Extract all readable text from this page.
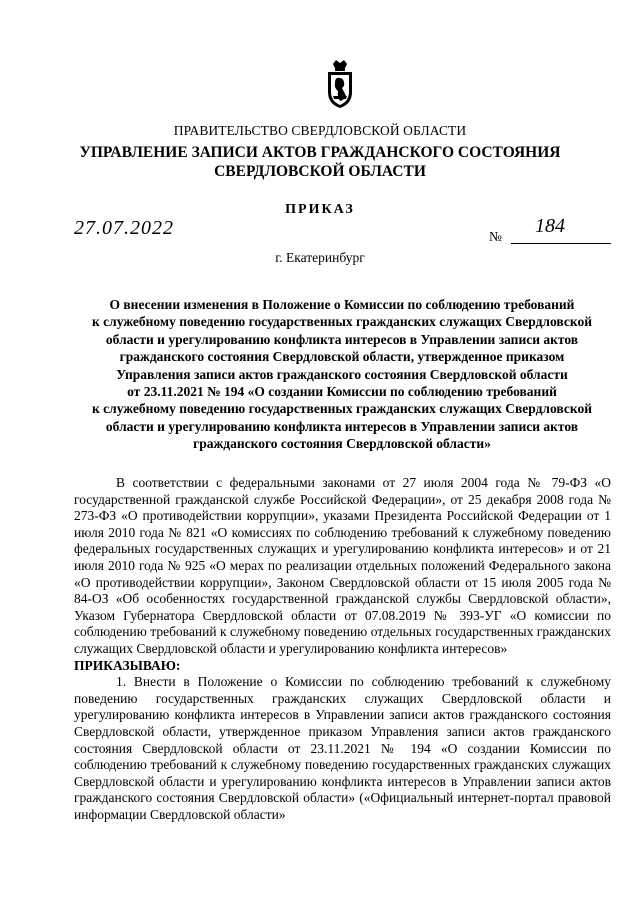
ПРАВИТЕЛЬСТВО СВЕРДЛОВСКОЙ ОБЛАСТИ
УПРАВЛЕНИЕ ЗАПИСИ АКТОВ ГРАЖДАНСКОГО СОСТОЯНИЯ
СВЕРДЛОВСКОЙ ОБЛАСТИ
ПРИКАЗ
27.07.2022	№ 184
г. Екатеринбург
О внесении изменения в Положение о Комиссии по соблюдению требований
к служебному поведению государственных гражданских служащих Свердловской
области и урегулированию конфликта интересов в Управлении записи актов
гражданского состояния Свердловской области, утвержденное приказом
Управления записи актов гражданского состояния Свердловской области
от 23.11.2021 № 194 «О создании Комиссии по соблюдению требований
к служебному поведению государственных гражданских служащих Свердловской
области и урегулированию конфликта интересов в Управлении записи актов
гражданского состояния Свердловской области»

В соответствии с федеральными законами от 27 июля 2004 года № 79-ФЗ «О государственной гражданской службе Российской Федерации», от 25 декабря 2008 года № 273-ФЗ «О противодействии коррупции», указами Президента Российской Федерации от 1 июля 2010 года № 821 «О комиссиях по соблюдению требований к служебному поведению федеральных государственных служащих и урегулированию конфликта интересов» и от 21 июля 2010 года № 925 «О мерах по реализации отдельных положений Федерального закона «О противодействии коррупции», Законом Свердловской области от 15 июля 2005 года № 84-ОЗ «Об особенностях государственной гражданской службы Свердловской области», Указом Губернатора Свердловской области от 07.08.2019 № 393-УГ «О комиссии по соблюдению требований к служебному поведению отдельных государственных гражданских служащих Свердловской области и урегулированию конфликта интересов»

ПРИКАЗЫВАЮ:

1. Внести в Положение о Комиссии по соблюдению требований к служебному поведению государственных гражданских служащих Свердловской области и урегулированию конфликта интересов в Управлении записи актов гражданского состояния Свердловской области, утвержденное приказом Управления записи актов гражданского состояния Свердловской области от 23.11.2021 № 194 «О создании Комиссии по соблюдению требований к служебному поведению государственных гражданских служащих Свердловской области и урегулированию конфликта интересов в Управлении записи актов гражданского состояния Свердловской области» («Официальный интернет-портал правовой информации Свердловской области»
